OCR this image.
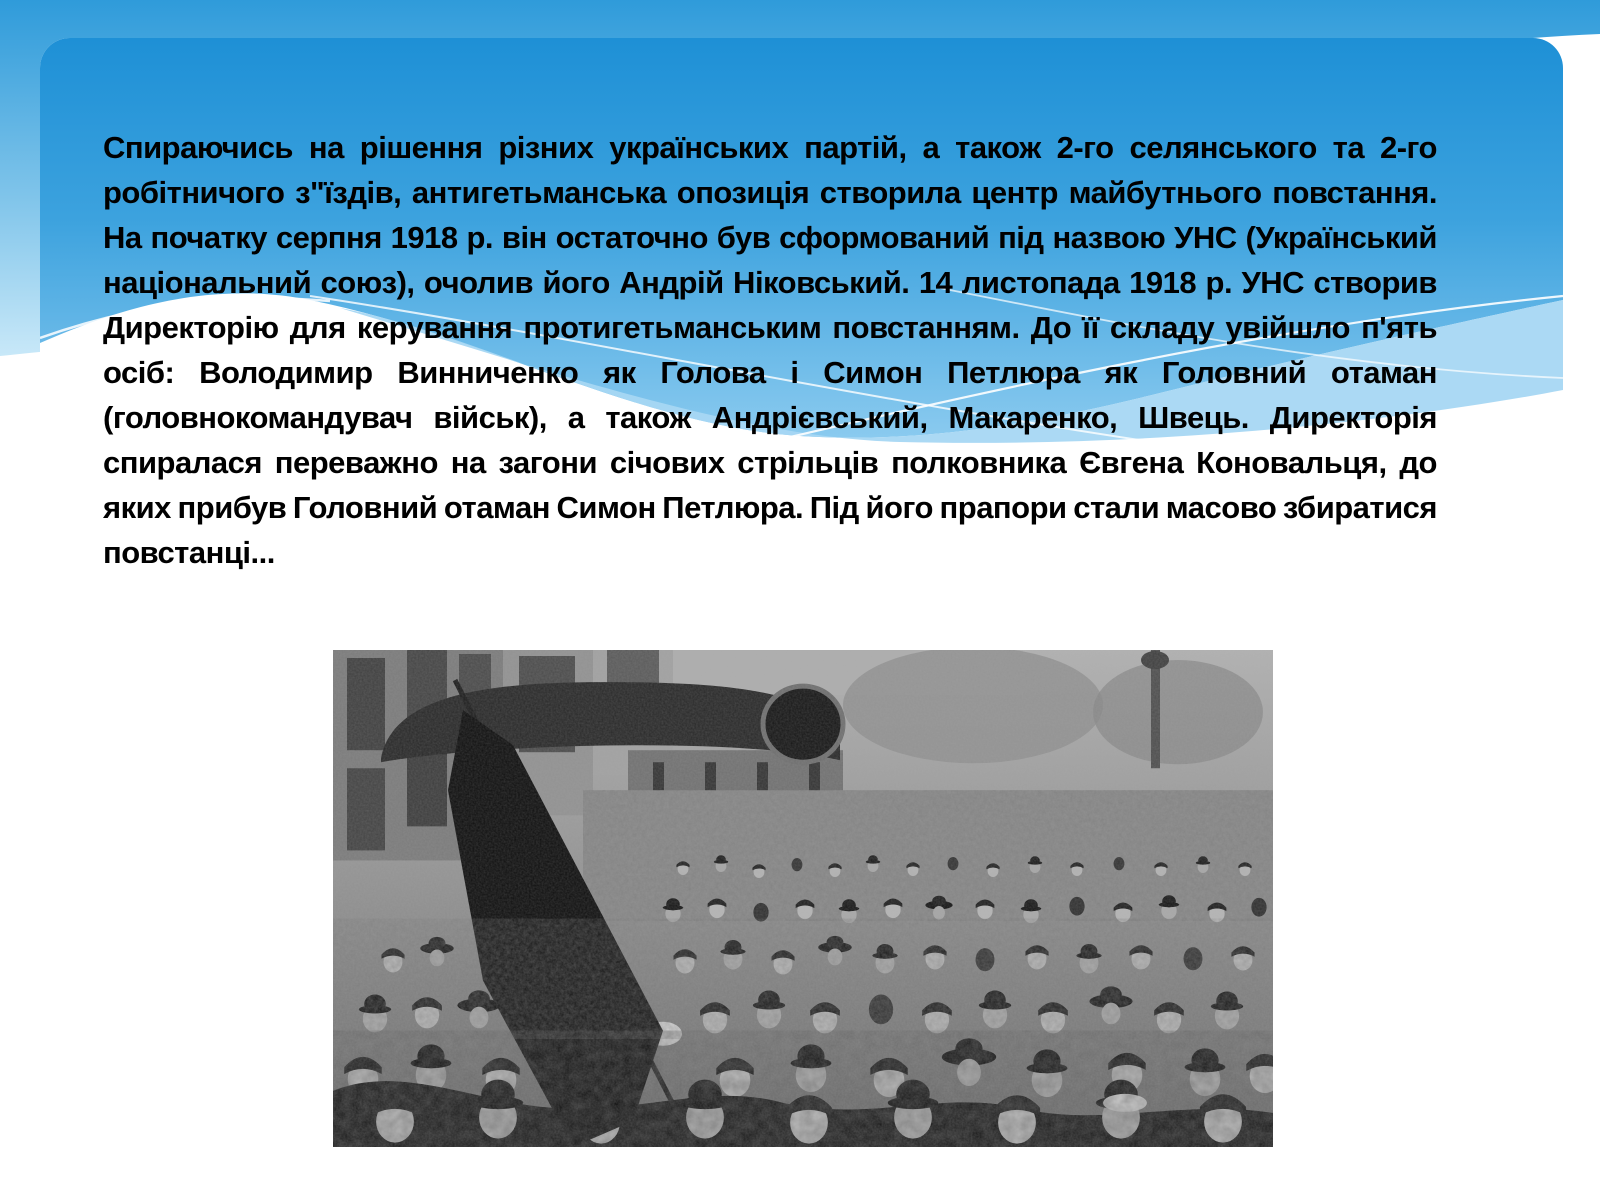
Спираючись на рішення різних українських партій, а також 2-го селянського та 2-го робітничого з"їздів, антигетьманська опозиція створила центр майбутнього повстання. На початку серпня 1918 р. він остаточно був сформований під назвою УНС (Український національний союз), очолив його Андрій Ніковський. 14 листопада 1918 р. УНС створив Директорію для керування протигетьманським повстанням. До її складу увійшло п'ять осіб: Володимир Винниченко як Голова і Симон Петлюра як Головний отаман (головнокомандувач військ), а також Андрієвський, Макаренко, Швець. Директорія спиралася переважно на загони січових стрільців полковника Євгена Коновальця, до яких прибув Головний отаман Симон Петлюра. Під його прапори стали масово збиратися повстанці...
